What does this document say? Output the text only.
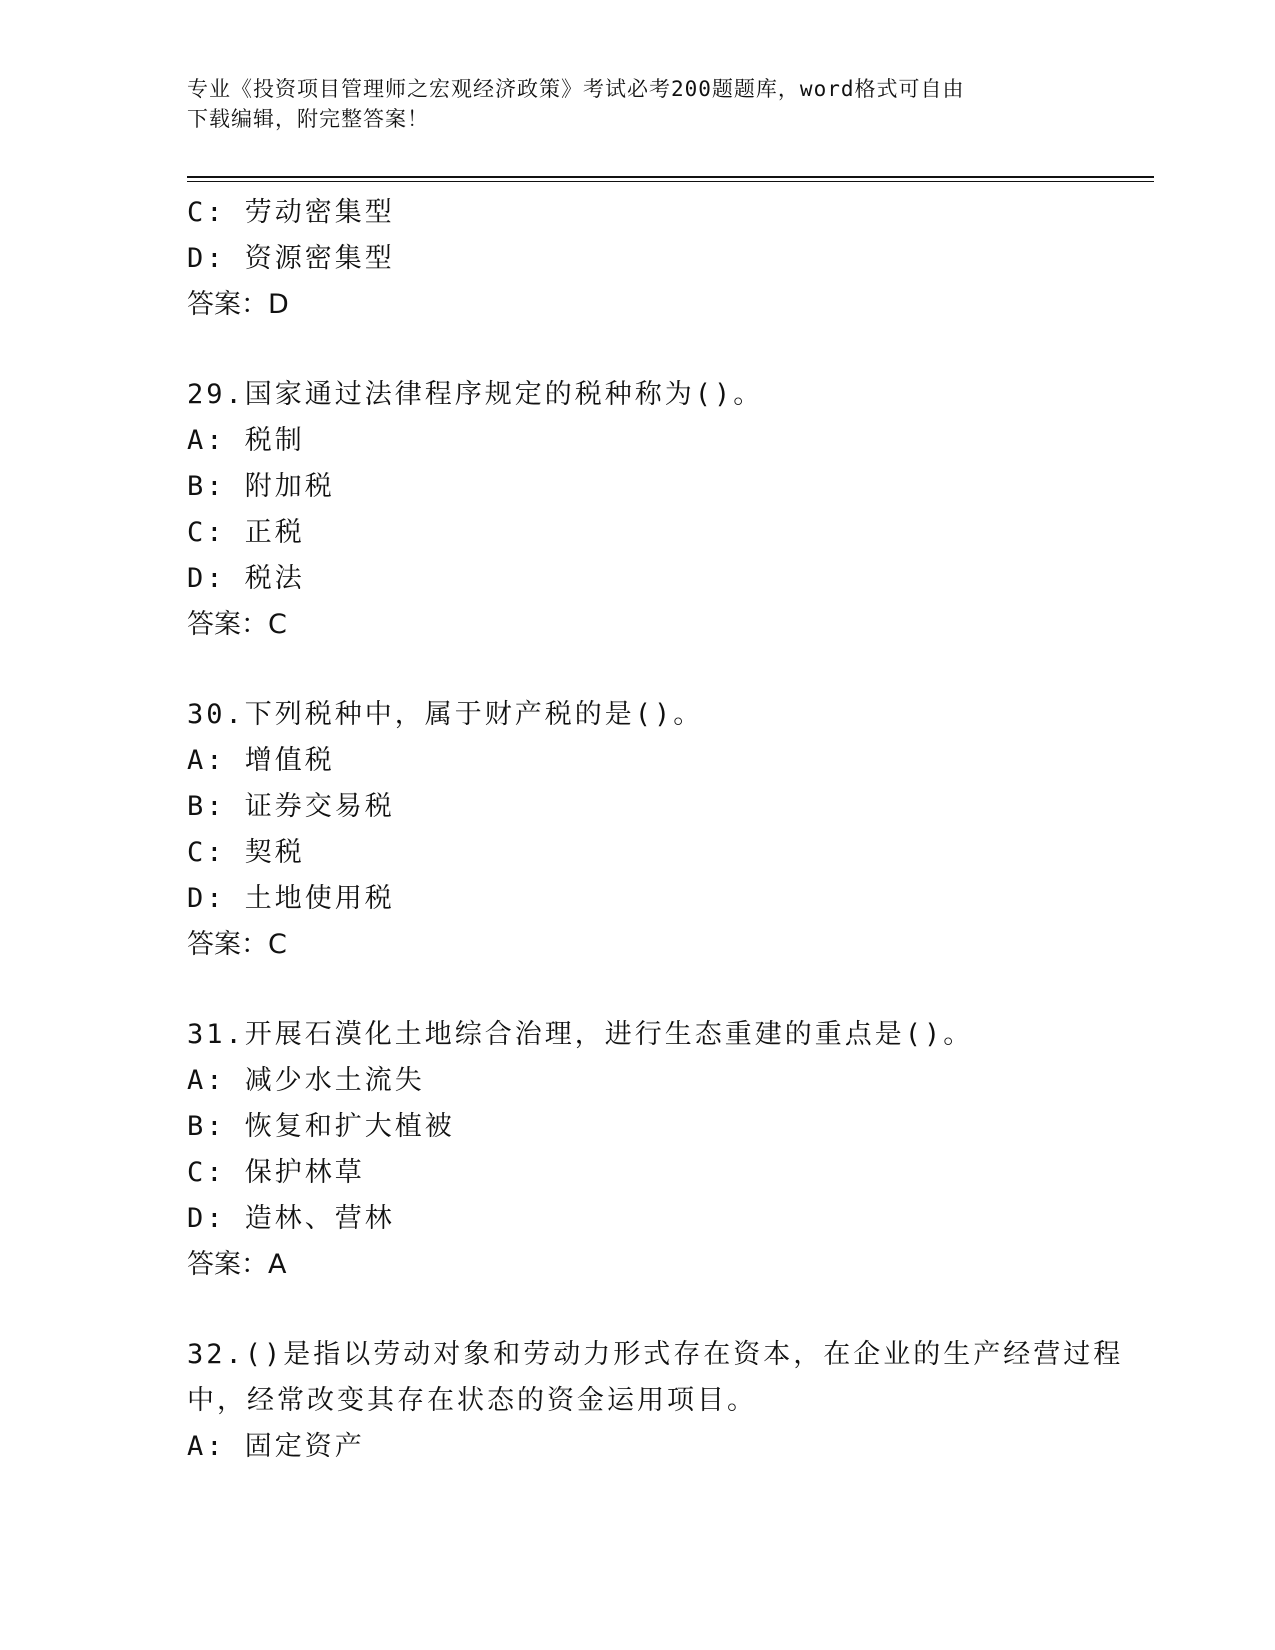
专业《投资项目管理师之宏观经济政策》考试必考200题题库，word格式可自由
下载编辑，附完整答案！
C: 劳动密集型
D: 资源密集型
答案：D
29.国家通过法律程序规定的税种称为()。
A: 税制
B: 附加税
C: 正税
D: 税法
答案：C
30.下列税种中，属于财产税的是()。
A: 增值税
B: 证券交易税
C: 契税
D: 土地使用税
答案：C
31.开展石漠化土地综合治理，进行生态重建的重点是()。
A: 减少水土流失
B: 恢复和扩大植被
C: 保护林草
D: 造林、营林
答案：A
32.()是指以劳动对象和劳动力形式存在资本，在企业的生产经营过程
中，经常改变其存在状态的资金运用项目。
A: 固定资产
